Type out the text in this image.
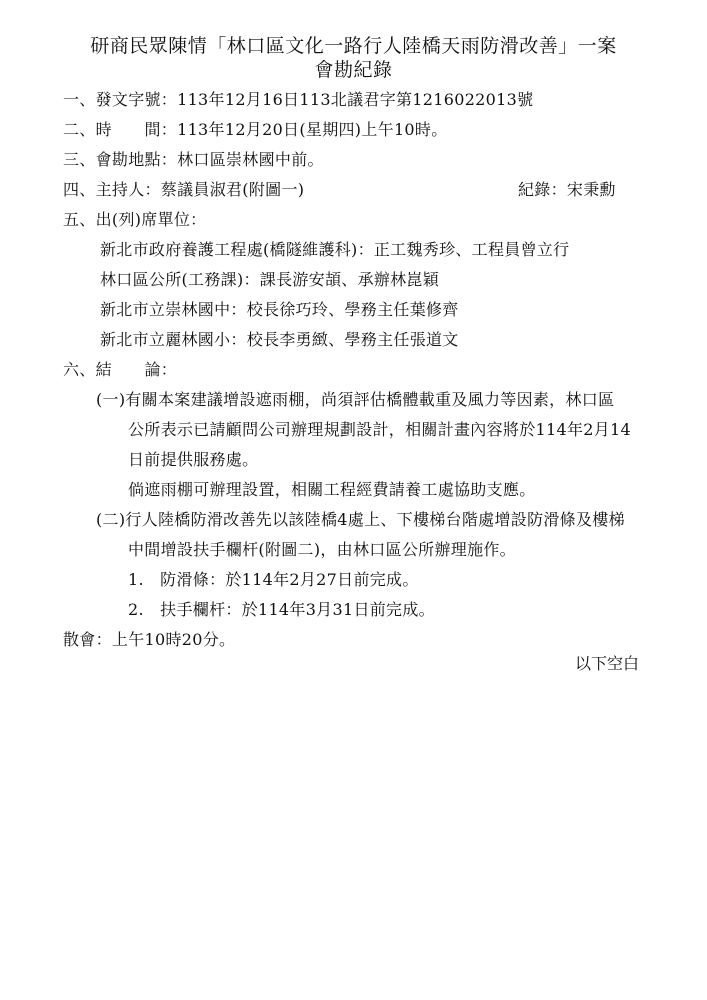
研商民眾陳情「林口區文化一路行人陸橋天雨防滑改善」一案
會勘紀錄
一、發文字號：113年12月16日113北議君字第1216022013號
二、時　　間：113年12月20日(星期四)上午10時。
三、會勘地點：林口區崇林國中前。
四、主持人：蔡議員淑君(附圖一)	紀錄：宋秉勳
五、出(列)席單位：
新北市政府養護工程處(橋隧維護科)：正工魏秀珍、工程員曾立行
林口區公所(工務課)：課長游安頡、承辦林崑穎
新北市立崇林國中：校長徐巧玲、學務主任葉修齊
新北市立麗林國小：校長李勇緻、學務主任張道文
六、結　　論：
(一)有關本案建議增設遮雨棚，尚須評估橋體載重及風力等因素，林口區
公所表示已請顧問公司辦理規劃設計，相關計畫內容將於114年2月14
日前提供服務處。
倘遮雨棚可辦理設置，相關工程經費請養工處協助支應。
(二)行人陸橋防滑改善先以該陸橋4處上、下樓梯台階處增設防滑條及樓梯
中間增設扶手欄杆(附圖二)，由林口區公所辦理施作。
1.　防滑條：於114年2月27日前完成。
2.　扶手欄杆：於114年3月31日前完成。
散會：上午10時20分。
以下空白
